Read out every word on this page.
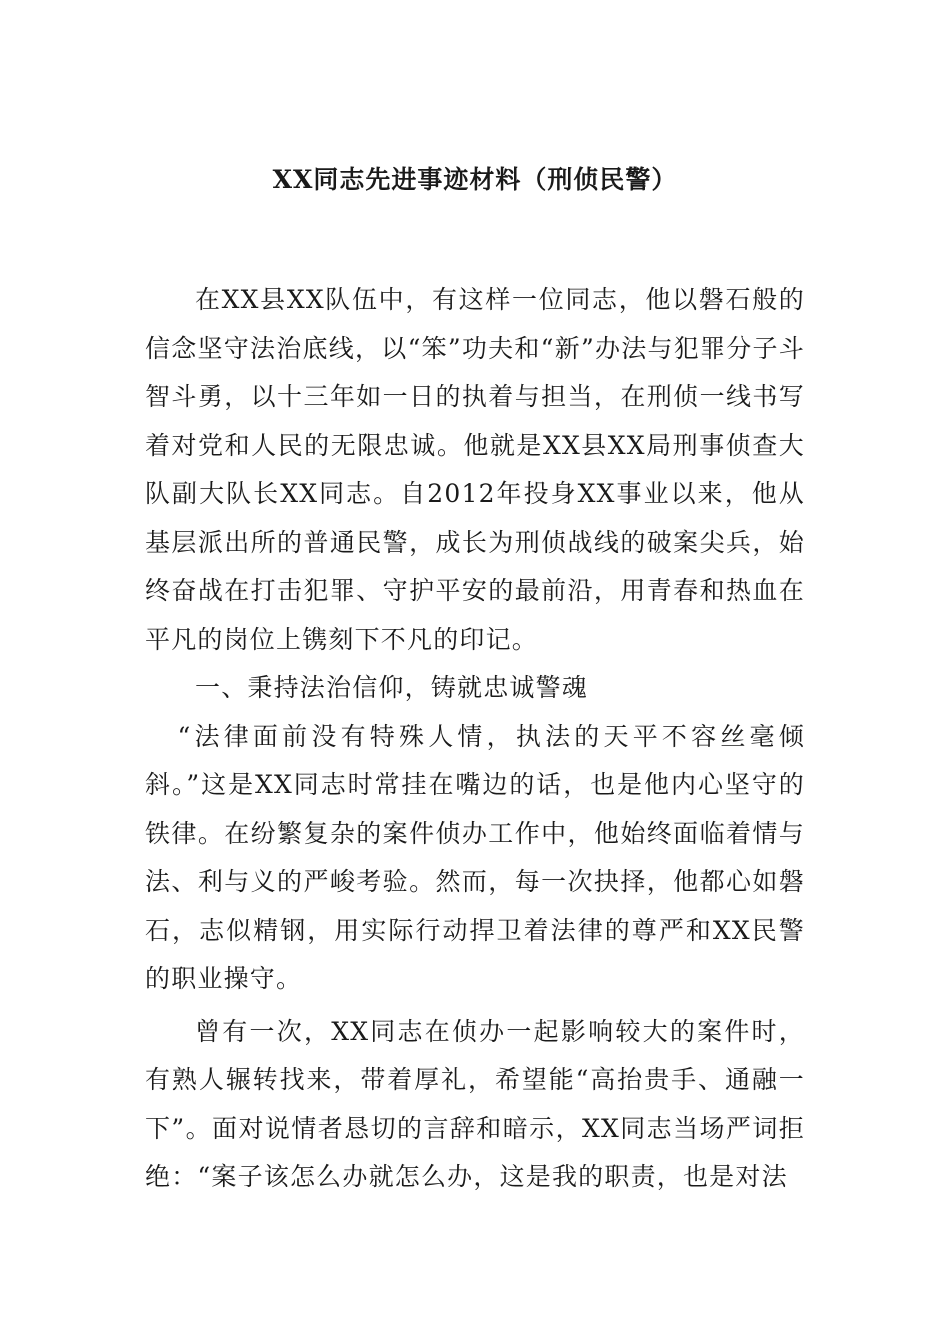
XX同志先进事迹材料（刑侦民警）

在XX县XX队伍中，有这样一位同志，他以磐石般的信念坚守法治底线，以“笨”功夫和“新”办法与犯罪分子斗智斗勇，以十三年如一日的执着与担当，在刑侦一线书写着对党和人民的无限忠诚。他就是XX县XX局刑事侦查大队副大队长XX同志。自2012年投身XX事业以来，他从基层派出所的普通民警，成长为刑侦战线的破案尖兵，始终奋战在打击犯罪、守护平安的最前沿，用青春和热血在平凡的岗位上镌刻下不凡的印记。

一、秉持法治信仰，铸就忠诚警魂

“法律面前没有特殊人情，执法的天平不容丝毫倾斜。”这是XX同志时常挂在嘴边的话，也是他内心坚守的铁律。在纷繁复杂的案件侦办工作中，他始终面临着情与法、利与义的严峻考验。然而，每一次抉择，他都心如磐石，志似精钢，用实际行动捍卫着法律的尊严和XX民警的职业操守。

曾有一次，XX同志在侦办一起影响较大的案件时，有熟人辗转找来，带着厚礼，希望能“高抬贵手、通融一下”。面对说情者恳切的言辞和暗示，XX同志当场严词拒绝：“案子该怎么办就怎么办，这是我的职责，也是对法
